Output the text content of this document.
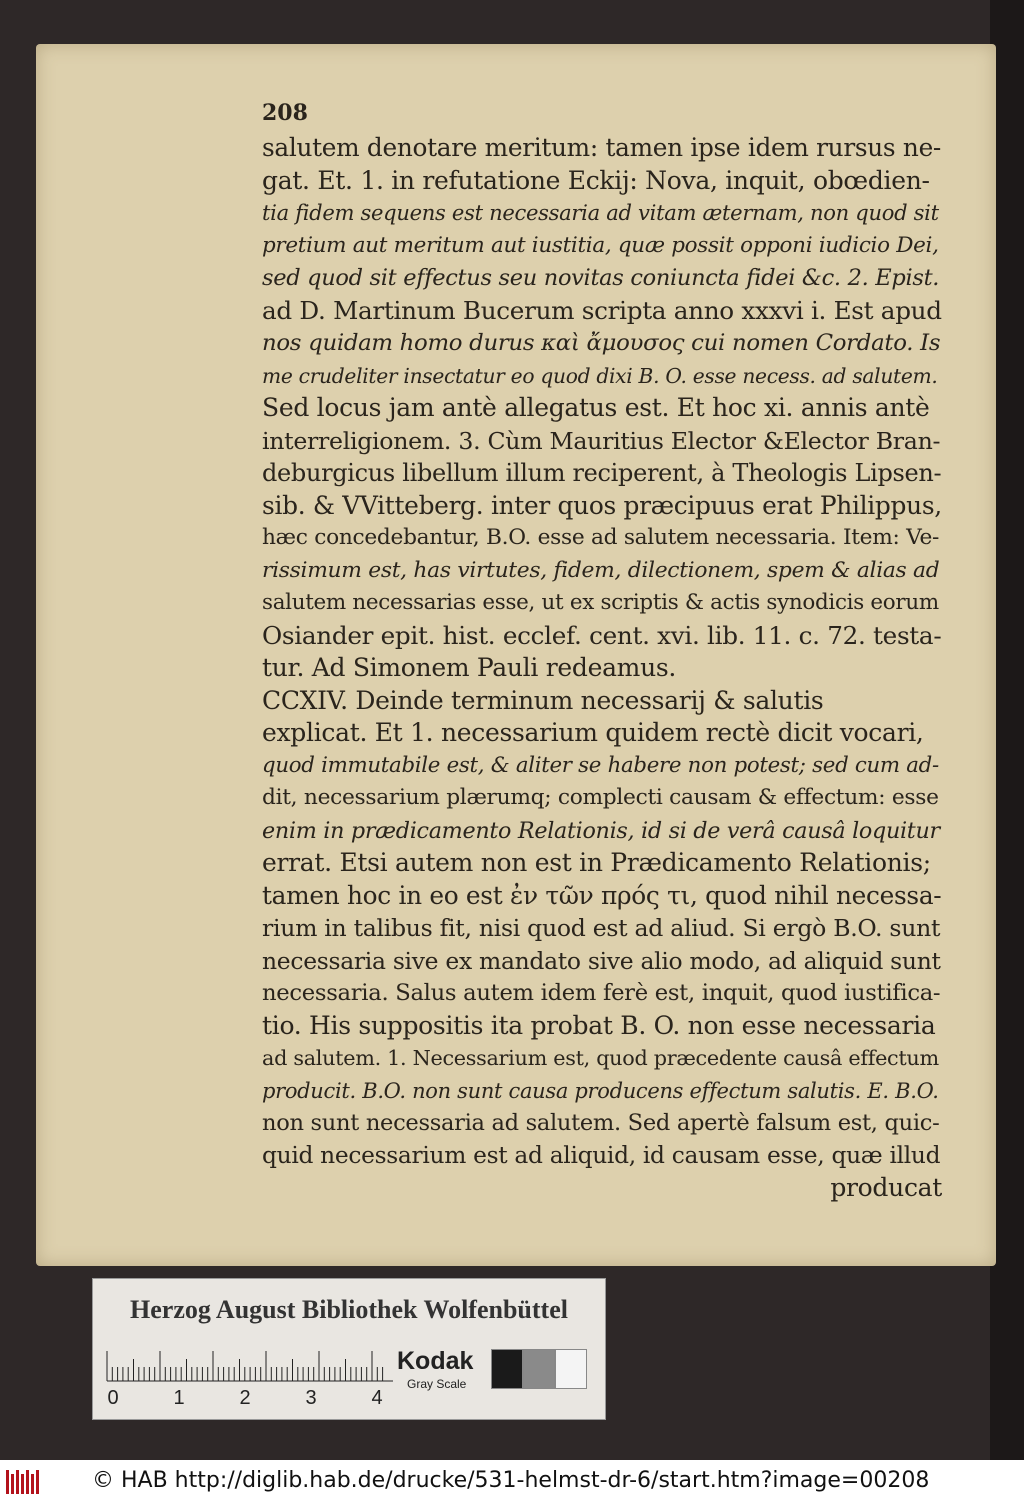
208
salutem denotare meritum: tamen ipse idem rursus ne-
gat. Et. 1. in refutatione Eckij: Nova, inquit, obœdien-
tia fidem sequens est necessaria ad vitam æternam, non quod sit
pretium aut meritum aut iustitia, quæ possit opponi iudicio Dei,
sed quod sit effectus seu novitas coniuncta fidei &c. 2. Epist.
ad D. Martinum Bucerum scripta anno xxxvi i. Est apud
nos quidam homo durus καὶ ἄμουσος cui nomen Cordato. Is
me crudeliter insectatur eo quod dixi B. O. esse necess. ad salutem.
Sed locus jam antè allegatus est. Et hoc xi. annis antè
interreligionem. 3. Cùm Mauritius Elector &Elector Bran-
deburgicus libellum illum reciperent, à Theologis Lipsen-
sib. & VVitteberg. inter quos præcipuus erat Philippus,
hæc concedebantur, B.O. esse ad salutem necessaria. Item: Ve-
rissimum est, has virtutes, fidem, dilectionem, spem & alias ad
salutem necessarias esse, ut ex scriptis & actis synodicis eorum
Osiander epit. hist. ecclef. cent. xvi. lib. 11. c. 72. testa-
tur. Ad Simonem Pauli redeamus.
CCXIV. Deinde terminum necessarij & salutis
explicat. Et 1. necessarium quidem rectè dicit vocari,
quod immutabile est, & aliter se habere non potest; sed cum ad-
dit, necessarium plærumq; complecti causam & effectum: esse
enim in prædicamento Relationis, id si de verâ causâ loquitur
errat. Etsi autem non est in Prædicamento Relationis;
tamen hoc in eo est ἐν τῶν πρός τι, quod nihil necessa-
rium in talibus fit, nisi quod est ad aliud. Si ergò B.O. sunt
necessaria sive ex mandato sive alio modo, ad aliquid sunt
necessaria. Salus autem idem ferè est, inquit, quod iustifica-
tio. His suppositis ita probat B. O. non esse necessaria
ad salutem. 1. Necessarium est, quod præcedente causâ effectum
producit. B.O. non sunt causa producens effectum salutis. E. B.O.
non sunt necessaria ad salutem. Sed apertè falsum est, quic-
quid necessarium est ad aliquid, id causam esse, quæ illud
producat
Herzog August Bibliothek Wolfenbüttel
0	1	2	3	4
Kodak
Gray Scale
© HAB http://diglib.hab.de/drucke/531-helmst-dr-6/start.htm?image=00208
